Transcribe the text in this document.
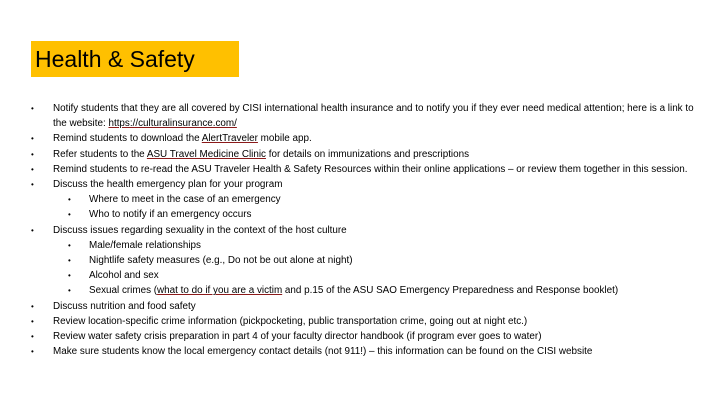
Health & Safety
• Notify students that they are all covered by CISI international health insurance and to notify you if they ever need medical attention; here is a link to the website: https://culturalinsurance.com/
• Remind students to download the AlertTraveler mobile app.
• Refer students to the ASU Travel Medicine Clinic for details on immunizations and prescriptions
• Remind students to re-read the ASU Traveler Health & Safety Resources within their online applications – or review them together in this session.
• Discuss the health emergency plan for your program
• Where to meet in the case of an emergency
• Who to notify if an emergency occurs
• Discuss issues regarding sexuality in the context of the host culture
• Male/female relationships
• Nightlife safety measures (e.g., Do not be out alone at night)
• Alcohol and sex
• Sexual crimes (what to do if you are a victim and p.15 of the ASU SAO Emergency Preparedness and Response booklet)
• Discuss nutrition and food safety
• Review location-specific crime information (pickpocketing, public transportation crime, going out at night etc.)
• Review water safety crisis preparation in part 4 of your faculty director handbook (if program ever goes to water)
• Make sure students know the local emergency contact details (not 911!) – this information can be found on the CISI website
